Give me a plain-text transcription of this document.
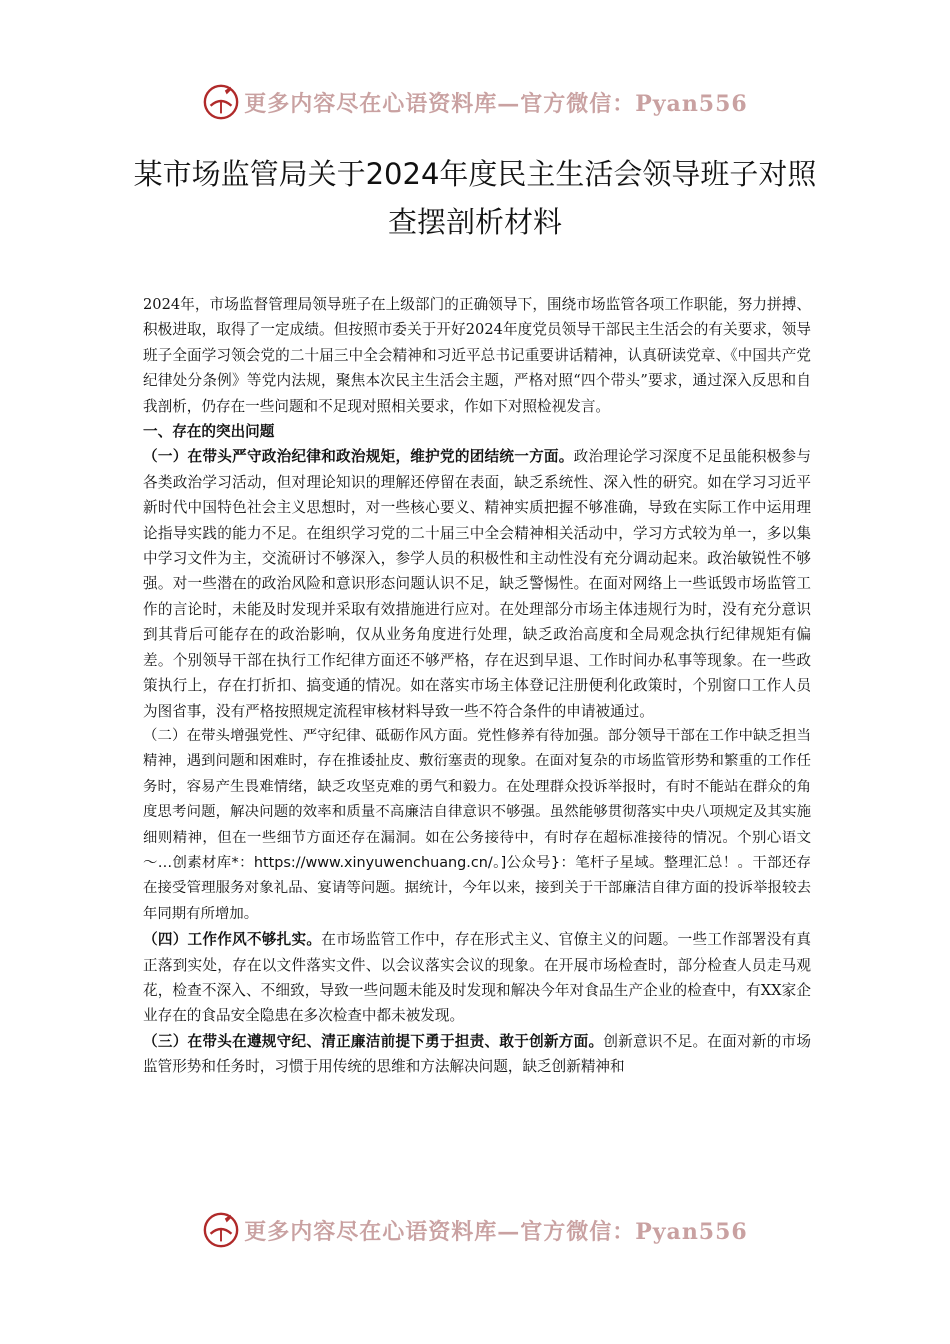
更多内容尽在心语资料库—官方微信：Pyan556
某市场监管局关于2024年度民主生活会领导班子对照查摆剖析材料

2024年，市场监督管理局领导班子在上级部门的正确领导下，围绕市场监管各项工作职能，努力拼搏、积极进取，取得了一定成绩。但按照市委关于开好2024年度党员领导干部民主生活会的有关要求，领导班子全面学习领会党的二十届三中全会精神和习近平总书记重要讲话精神，认真研读党章、《中国共产党纪律处分条例》等党内法规，聚焦本次民主生活会主题，严格对照“四个带头”要求，通过深入反思和自我剖析，仍存在一些问题和不足现对照相关要求，作如下对照检视发言。

一、存在的突出问题

（一）在带头严守政治纪律和政治规矩，维护党的团结统一方面。政治理论学习深度不足虽能积极参与各类政治学习活动，但对理论知识的理解还停留在表面，缺乏系统性、深入性的研究。如在学习习近平新时代中国特色社会主义思想时，对一些核心要义、精神实质把握不够准确，导致在实际工作中运用理论指导实践的能力不足。在组织学习党的二十届三中全会精神相关活动中，学习方式较为单一，多以集中学习文件为主，交流研讨不够深入，参学人员的积极性和主动性没有充分调动起来。政治敏锐性不够强。对一些潜在的政治风险和意识形态问题认识不足，缺乏警惕性。在面对网络上一些诋毁市场监管工作的言论时，未能及时发现并采取有效措施进行应对。在处理部分市场主体违规行为时，没有充分意识到其背后可能存在的政治影响，仅从业务角度进行处理，缺乏政治高度和全局观念执行纪律规矩有偏差。个别领导干部在执行工作纪律方面还不够严格，存在迟到早退、工作时间办私事等现象。在一些政策执行上，存在打折扣、搞变通的情况。如在落实市场主体登记注册便利化政策时，个别窗口工作人员为图省事，没有严格按照规定流程审核材料导致一些不符合条件的申请被通过。

（二）在带头增强党性、严守纪律、砥砺作风方面。党性修养有待加强。部分领导干部在工作中缺乏担当精神，遇到问题和困难时，存在推诿扯皮、敷衍塞责的现象。在面对复杂的市场监管形势和繁重的工作任务时，容易产生畏难情绪，缺乏攻坚克难的勇气和毅力。在处理群众投诉举报时，有时不能站在群众的角度思考问题，解决问题的效率和质量不高廉洁自律意识不够强。虽然能够贯彻落实中央八项规定及其实施细则精神，但在一些细节方面还存在漏洞。如在公务接待中，有时存在超标准接待的情况。个别心语文～…创素材库*：https://www.xinyuwenchuang.cn/。]公众号}：笔杆子星域。整理汇总！。干部还存在接受管理服务对象礼品、宴请等问题。据统计，今年以来，接到关于干部廉洁自律方面的投诉举报较去年同期有所增加。

（四）工作作风不够扎实。在市场监管工作中，存在形式主义、官僚主义的问题。一些工作部署没有真正落到实处，存在以文件落实文件、以会议落实会议的现象。在开展市场检查时，部分检查人员走马观花，检查不深入、不细致，导致一些问题未能及时发现和解决今年对食品生产企业的检查中，有XX家企业存在的食品安全隐患在多次检查中都未被发现。

（三）在带头在遵规守纪、清正廉洁前提下勇于担责、敢于创新方面。创新意识不足。在面对新的市场监管形势和任务时，习惯于用传统的思维和方法解决问题，缺乏创新精神和

更多内容尽在心语资料库—官方微信：Pyan556
